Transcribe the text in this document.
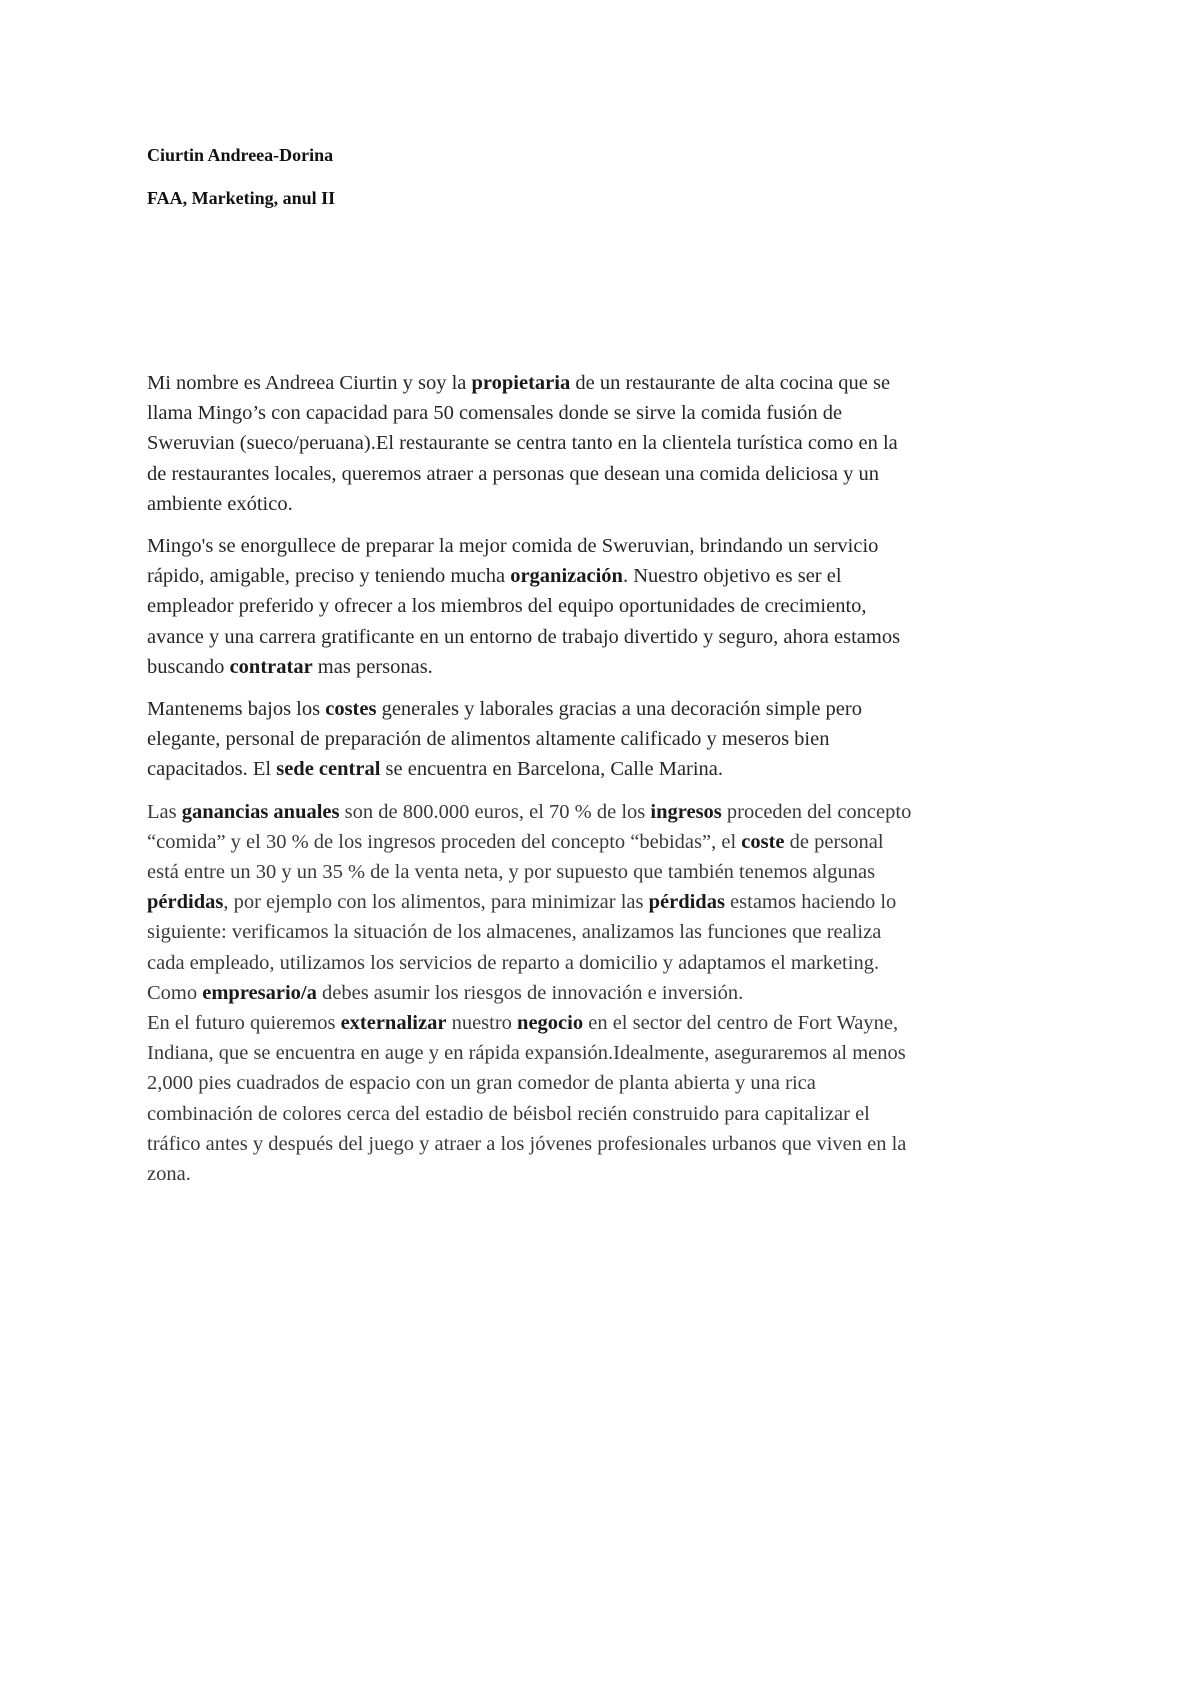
Ciurtin Andreea-Dorina

FAA, Marketing, anul II

Mi nombre es Andreea Ciurtin y soy la propietaria de un restaurante de alta cocina que se
llama Mingo’s con capacidad para 50 comensales donde se sirve la comida fusión de
Sweruvian (sueco/peruana).El restaurante se centra tanto en la clientela turística como en la
de restaurantes locales, queremos atraer a personas que desean una comida deliciosa y un
ambiente exótico.

Mingo's se enorgullece de preparar la mejor comida de Sweruvian, brindando un servicio
rápido, amigable, preciso y teniendo mucha organización. Nuestro objetivo es ser el
empleador preferido y ofrecer a los miembros del equipo oportunidades de crecimiento,
avance y una carrera gratificante en un entorno de trabajo divertido y seguro, ahora estamos
buscando contratar mas personas.

Mantenems bajos los costes generales y laborales gracias a una decoración simple pero
elegante, personal de preparación de alimentos altamente calificado y meseros bien
capacitados. El sede central se encuentra en Barcelona, Calle Marina.

Las ganancias anuales son de 800.000 euros, el 70 % de los ingresos proceden del concepto
“comida” y el 30 % de los ingresos proceden del concepto “bebidas”, el coste de personal
está entre un 30 y un 35 % de la venta neta, y por supuesto que también tenemos algunas
pérdidas, por ejemplo con los alimentos, para minimizar las pérdidas estamos haciendo lo
siguiente: verificamos la situación de los almacenes, analizamos las funciones que realiza
cada empleado, utilizamos los servicios de reparto a domicilio y adaptamos el marketing.
Como empresario/a debes asumir los riesgos de innovación e inversión.
En el futuro quieremos externalizar nuestro negocio en el sector del centro de Fort Wayne,
Indiana, que se encuentra en auge y en rápida expansión.Idealmente, aseguraremos al menos
2,000 pies cuadrados de espacio con un gran comedor de planta abierta y una rica
combinación de colores cerca del estadio de béisbol recién construido para capitalizar el
tráfico antes y después del juego y atraer a los jóvenes profesionales urbanos que viven en la
zona.
